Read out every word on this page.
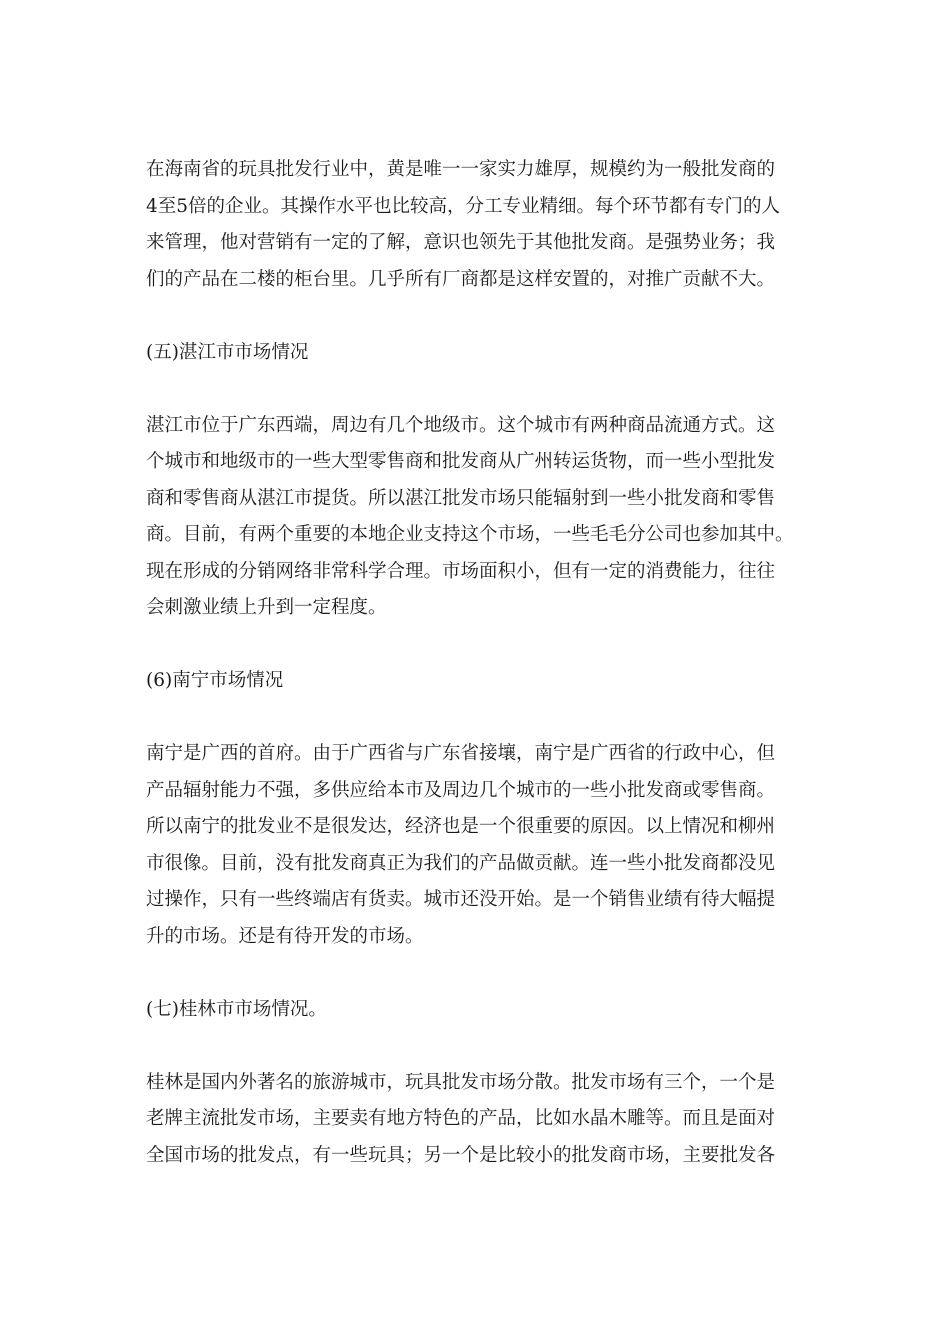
在海南省的玩具批发行业中，黄是唯一一家实力雄厚，规模约为一般批发商的
4至5倍的企业。其操作水平也比较高，分工专业精细。每个环节都有专门的人
来管理，他对营销有一定的了解，意识也领先于其他批发商。是强势业务；我
们的产品在二楼的柜台里。几乎所有厂商都是这样安置的，对推广贡献不大。

(五)湛江市市场情况

湛江市位于广东西端，周边有几个地级市。这个城市有两种商品流通方式。这
个城市和地级市的一些大型零售商和批发商从广州转运货物，而一些小型批发
商和零售商从湛江市提货。所以湛江批发市场只能辐射到一些小批发商和零售
商。目前，有两个重要的本地企业支持这个市场，一些毛毛分公司也参加其中。
现在形成的分销网络非常科学合理。市场面积小，但有一定的消费能力，往往
会刺激业绩上升到一定程度。

(6)南宁市场情况

南宁是广西的首府。由于广西省与广东省接壤，南宁是广西省的行政中心，但
产品辐射能力不强，多供应给本市及周边几个城市的一些小批发商或零售商。
所以南宁的批发业不是很发达，经济也是一个很重要的原因。以上情况和柳州
市很像。目前，没有批发商真正为我们的产品做贡献。连一些小批发商都没见
过操作，只有一些终端店有货卖。城市还没开始。是一个销售业绩有待大幅提
升的市场。还是有待开发的市场。

(七)桂林市市场情况。

桂林是国内外著名的旅游城市，玩具批发市场分散。批发市场有三个，一个是
老牌主流批发市场，主要卖有地方特色的产品，比如水晶木雕等。而且是面对
全国市场的批发点，有一些玩具；另一个是比较小的批发商市场，主要批发各
